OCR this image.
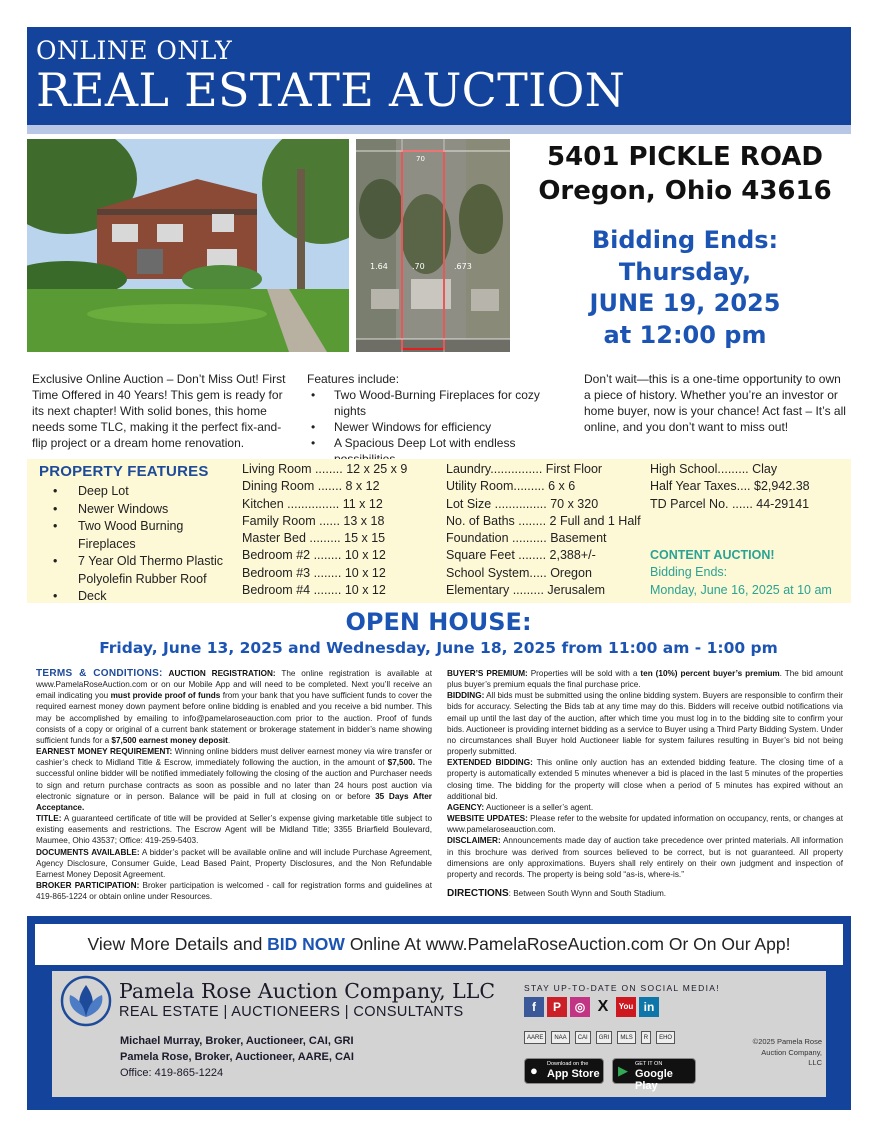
ONLINE ONLY
REAL ESTATE AUCTION
70
1.64	.70	.673
5401 PICKLE ROAD
Oregon, Ohio 43616
Bidding Ends:
Thursday,
JUNE 19, 2025
at 12:00 pm
Exclusive Online Auction – Don’t Miss Out! First Time Offered in 40 Years! This gem is ready for its next chapter! With solid bones, this home needs some TLC, making it the perfect fix-and-flip project or a dream home renovation.
Features include:
• Two Wood-Burning Fireplaces for cozy nights
• Newer Windows for efficiency
• A Spacious Deep Lot with endless
Don’t wait—this is a one-time opportunity to own a piece of history. Whether you’re an investor or home buyer, now is your chance! Act fast – It’s all online, and you don’t want to miss out!
PROPERTY FEATURES
• Deep Lot
• Newer Windows
• Two Wood Burning Fireplaces
• 7 Year Old Thermo Plastic Polyolefin Rubber Roof
• Deck
Living Room ........ 12 x 25 x 9
Dining Room ....... 8 x 12
Kitchen ............... 11 x 12
Family Room ...... 13 x 18
Master Bed ......... 15 x 15
Bedroom #2 ........ 10 x 12
Bedroom #3 ........ 10 x 12
Bedroom #4 ........ 10 x 12
Laundry............... First Floor
Utility Room......... 6 x 6
Lot Size ............... 70 x 320
No. of Baths ........ 2 Full and 1 Half
Foundation .......... Basement
Square Feet ........ 2,388+/-
School System..... Oregon
Elementary ......... Jerusalem
High School......... Clay
Half Year Taxes.... $2,942.38
TD Parcel No. ...... 44-29141
CONTENT AUCTION!
Bidding Ends:
Monday, June 16, 2025 at 10 am
OPEN HOUSE:
Friday, June 13, 2025 and Wednesday, June 18, 2025 from 11:00 am - 1:00 pm

TERMS & CONDITIONS: AUCTION REGISTRATION: The online registration is available at www.PamelaRoseAuction.com or on our Mobile App and will need to be completed. Next you’ll receive an email indicating you must provide proof of funds from your bank that you have sufficient funds to cover the required earnest money down payment before online bidding is enabled and you receive a bid number. This may be accomplished by emailing to info@pamelaroseauction.com prior to the auction. Proof of funds consists of a copy or original of a current bank statement or brokerage statement in bidder’s name showing sufficient funds for a $7,500 earnest money deposit.

EARNEST MONEY REQUIREMENT: Winning online bidders must deliver earnest money via wire transfer or cashier’s check to Midland Title & Escrow, immediately following the auction, in the amount of $7,500. The successful online bidder will be notified immediately following the closing of the auction and Purchaser needs to sign and return purchase contracts as soon as possible and no later than 24 hours post auction via electronic signature or in person. Balance will be paid in full at closing on or before 35 Days After Acceptance.

TITLE: A guaranteed certificate of title will be provided at Seller’s expense giving marketable title subject to existing easements and restrictions. The Escrow Agent will be Midland Title; 3355 Briarfield Boulevard, Maumee, Ohio 43537; Office: 419-259-5403.

DOCUMENTS AVAILABLE: A bidder’s packet will be available online and will include Purchase Agreement, Agency Disclosure, Consumer Guide, Lead Based Paint, Property Disclosures, and the Non Refundable Earnest Money Deposit Agreement.

BROKER PARTICIPATION: Broker participation is welcomed - call for registration forms and guidelines at 419-865-1224 or obtain online under Resources.

BUYER’S PREMIUM: Properties will be sold with a ten (10%) percent buyer’s premium. The bid amount plus buyer’s premium equals the final purchase price.

BIDDING: All bids must be submitted using the online bidding system. Buyers are responsible to confirm their bids for accuracy. Selecting the Bids tab at any time may do this. Bidders will receive outbid notifications via email up until the last day of the auction, after which time you must log in to the bidding site to confirm your bids. Auctioneer is providing internet bidding as a service to Buyer using a Third Party Bidding System. Under no circumstances shall Buyer hold Auctioneer liable for system failures resulting in Buyer’s bid not being properly submitted.

EXTENDED BIDDING: This online only auction has an extended bidding feature. The closing time of a property is automatically extended 5 minutes whenever a bid is placed in the last 5 minutes of the properties closing time. The bidding for the property will close when a period of 5 minutes has expired without an additional bid.

AGENCY: Auctioneer is a seller’s agent.

WEBSITE UPDATES: Please refer to the website for updated information on occupancy, rents, or changes at www.pamelaroseauction.com.

DISCLAIMER: Announcements made day of auction take precedence over printed materials. All information in this brochure was derived from sources believed to be correct, but is not guaranteed. All property dimensions are only approximations. Buyers shall rely entirely on their own judgment and inspection of property and records. The property is being sold “as-is, where-is.”

DIRECTIONS: Between South Wynn and South Stadium.

View More Details and BID NOW Online At www.PamelaRoseAuction.com Or On Our App!
Pamela Rose Auction Company, LLC
REAL ESTATE | AUCTIONEERS | CONSULTANTS
Michael Murray, Broker, Auctioneer, CAI, GRI
Pamela Rose, Broker, Auctioneer, AARE, CAI
Office: 419-865-1224
STAY UP-TO-DATE ON SOCIAL MEDIA!
f	P	◎ X	You in
AARE	NAA	CAI	GRI	MLS	R	EHO
● Download on the
App Store ▶ GET IT ON
Google Play
©2025 Pamela Rose Auction Company, LLC
